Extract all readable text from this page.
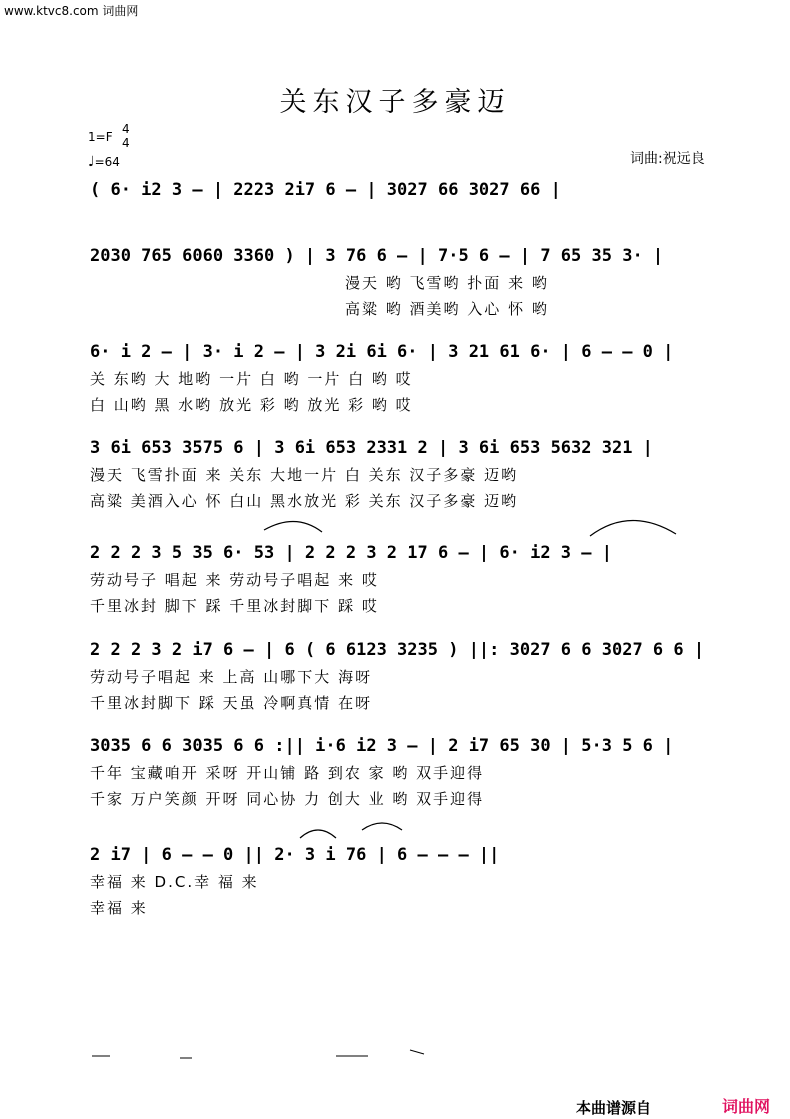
www.ktvc8.com 词曲网
关东汉子多豪迈
1=F
4
4
♩=64	词曲:祝远良
( 6· i2 3 – | 2223 2i7 6 – | 3027 66 3027 66 |
2030 765 6060 3360 ) | 3 76 6 – | 7·5 6 – | 7 65 35 3· |
漫天 哟 飞雪哟 扑面 来 哟
高粱 哟 酒美哟 入心 怀 哟
6· i 2 – | 3· i 2 – | 3 2i 6i 6· | 3 21 61 6· | 6 – – 0 |
关 东哟 大 地哟 一片 白 哟 一片 白 哟 哎
白 山哟 黑 水哟 放光 彩 哟 放光 彩 哟 哎
3 6i 653 3575 6 | 3 6i 653 2331 2 | 3 6i 653 5632 321 |
漫天 飞雪扑面 来 关东 大地一片 白 关东 汉子多豪 迈哟
高粱 美酒入心 怀 白山 黑水放光 彩 关东 汉子多豪 迈哟
2 2 2 3 5 35 6· 53 | 2 2 2 3 2 17 6 – | 6· i2 3 – |
劳动号子 唱起 来 劳动号子唱起 来 哎
千里冰封 脚下 踩 千里冰封脚下 踩 哎
2 2 2 3 2 i7 6 – | 6 ( 6 6123 3235 ) ||: 3027 6 6 3027 6 6 |
劳动号子唱起 来 上高 山哪下大 海呀
千里冰封脚下 踩 天虽 冷啊真情 在呀
3035 6 6 3035 6 6 :|| i·6 i2 3 – | 2 i7 65 30 | 5·3 5 6 |
千年 宝藏咱开 采呀 开山铺 路 到农 家 哟 双手迎得
千家 万户笑颜 开呀 同心协 力 创大 业 哟 双手迎得
2 i7 | 6 – – 0 || 2· 3 i 76 | 6 – – – ||
幸福 来 D.C.幸 福 来
幸福 来
本曲谱源自	词曲网
